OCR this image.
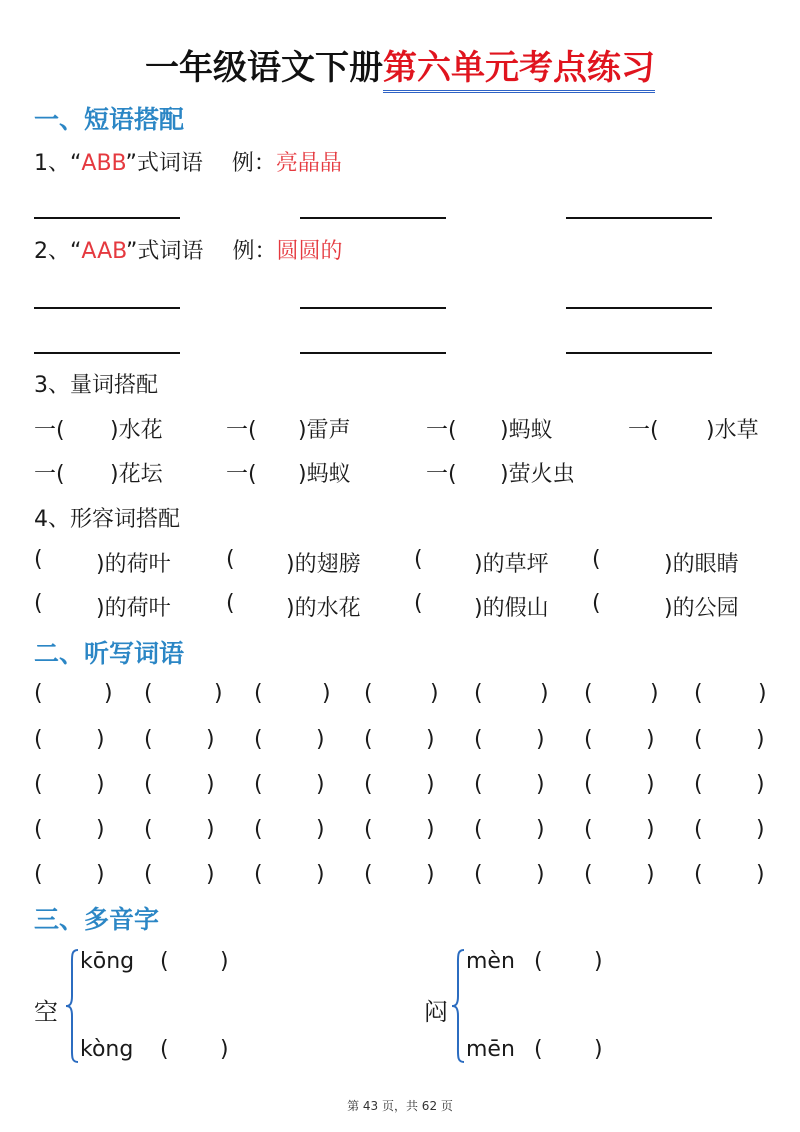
一年级语文下册第六单元考点练习
一、短语搭配
1、“ABB”式词语 例：亮晶晶
2、“AAB”式词语 例：圆圆的
3、量词搭配
一( )水花	一( )雷声	一( )蚂蚁	一( )水草
一( )花坛	一( )蚂蚁	一( )萤火虫
4、形容词搭配
( )的荷叶	( )的翅膀 ( )的草坪 (	)的眼睛
( )的荷叶	( )的水花 ( )的假山 (	)的公园
二、听写词语
(	) (	) (	) (	) (	) (	) (	)
( ) ( ) ( ) ( ) ( ) ( ) ( )
( ) ( ) ( ) ( ) ( ) ( ) ( )
( ) ( ) ( ) ( ) ( ) ( ) ( )
( ) ( ) ( ) ( ) ( ) ( ) ( )
三、多音字
空
kōng ( )
kòng ( )
闷
mèn ( )
mēn ( )
第 43 页，共 62 页
